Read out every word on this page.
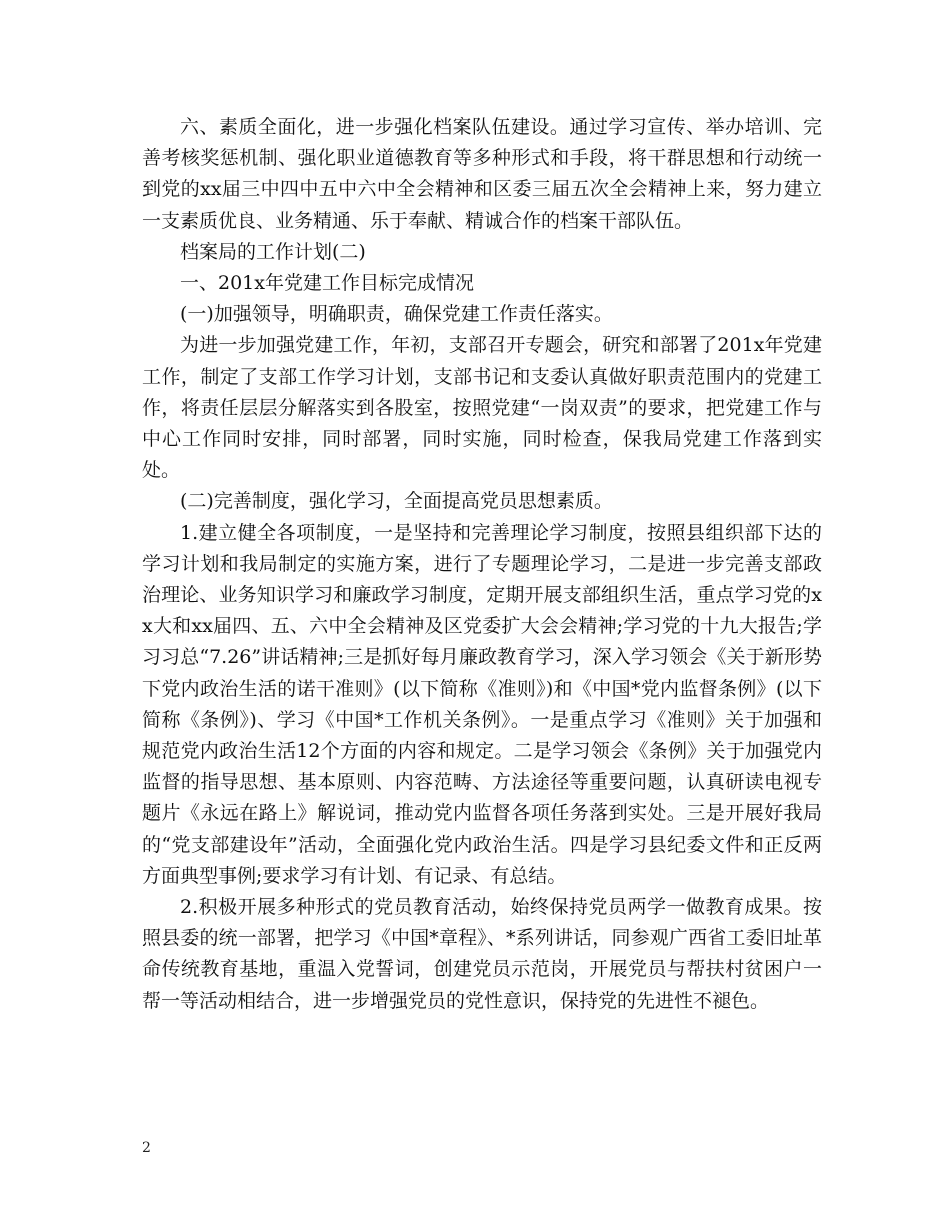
六、素质全面化，进一步强化档案队伍建设。通过学习宣传、举办培训、完善考核奖惩机制、强化职业道德教育等多种形式和手段，将干群思想和行动统一到党的xx届三中四中五中六中全会精神和区委三届五次全会精神上来，努力建立一支素质优良、业务精通、乐于奉献、精诚合作的档案干部队伍。

档案局的工作计划(二)

一、201x年党建工作目标完成情况

(一)加强领导，明确职责，确保党建工作责任落实。

为进一步加强党建工作，年初，支部召开专题会，研究和部署了201x年党建工作，制定了支部工作学习计划，支部书记和支委认真做好职责范围内的党建工作，将责任层层分解落实到各股室，按照党建“一岗双责”的要求，把党建工作与中心工作同时安排，同时部署，同时实施，同时检查，保我局党建工作落到实处。

(二)完善制度，强化学习，全面提高党员思想素质。

1.建立健全各项制度，一是坚持和完善理论学习制度，按照县组织部下达的学习计划和我局制定的实施方案，进行了专题理论学习，二是进一步完善支部政治理论、业务知识学习和廉政学习制度，定期开展支部组织生活，重点学习党的xx大和xx届四、五、六中全会精神及区党委扩大会会精神;学习党的十九大报告;学习习总“7.26”讲话精神;三是抓好每月廉政教育学习，深入学习领会《关于新形势下党内政治生活的诺干准则》(以下简称《准则》)和《中国*党内监督条例》(以下简称《条例》)、学习《中国*工作机关条例》。一是重点学习《准则》关于加强和规范党内政治生活12个方面的内容和规定。二是学习领会《条例》关于加强党内监督的指导思想、基本原则、内容范畴、方法途径等重要问题，认真研读电视专题片《永远在路上》解说词，推动党内监督各项任务落到实处。三是开展好我局的“党支部建设年”活动，全面强化党内政治生活。四是学习县纪委文件和正反两方面典型事例;要求学习有计划、有记录、有总结。

2.积极开展多种形式的党员教育活动，始终保持党员两学一做教育成果。按照县委的统一部署，把学习《中国*章程》、*系列讲话，同参观广西省工委旧址革命传统教育基地，重温入党誓词，创建党员示范岗，开展党员与帮扶村贫困户一帮一等活动相结合，进一步增强党员的党性意识，保持党的先进性不褪色。

2
